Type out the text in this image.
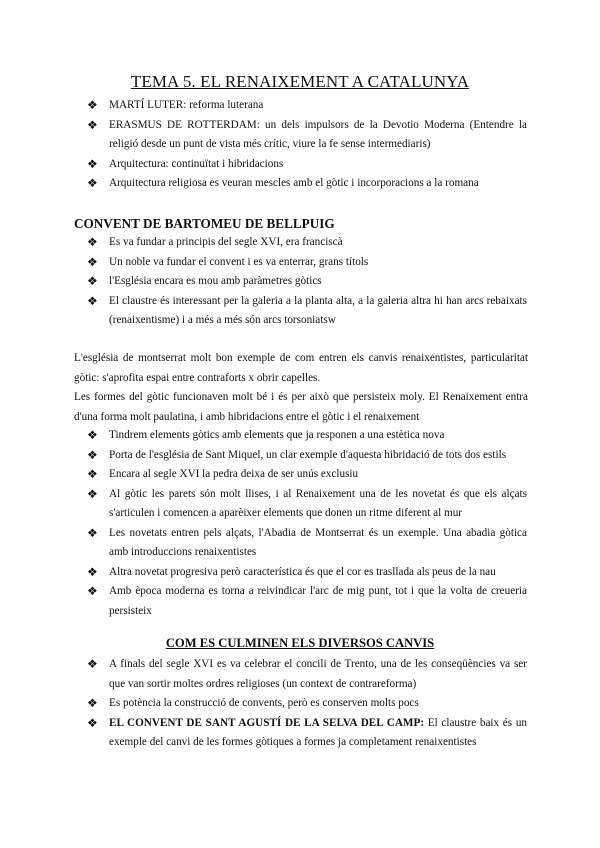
TEMA 5. EL RENAIXEMENT A CATALUNYA
❖ MARTÍ LUTER: reforma luterana
❖ ERASMUS DE ROTTERDAM: un dels impulsors de la Devotio Moderna (Entendre la religió desde un punt de vista més crític, viure la fe sense intermediaris)
❖ Arquitectura: continuïtat i hibridacions
❖ Arquitectura religiosa es veuran mescles amb el gòtic i incorporacions a la romana
CONVENT DE BARTOMEU DE BELLPUIG
❖ Es va fundar a principis del segle XVI, era franciscà
❖ Un noble va fundar el convent i es va enterrar, grans títols
❖ l'Església encara es mou amb paràmetres gòtics
❖ El claustre és interessant per la galeria a la planta alta, a la galeria altra hi han arcs rebaixats (renaixentisme) i a més a més són arcs torsoniatsw

L'església de montserrat molt bon exemple de com entren els canvis renaixentistes, particularitat gòtic: s'aprofita espai entre contraforts x obrir capelles.

Les formes del gòtic funcionaven molt bé i és per això que persisteix moly. El Renaixement entra d'una forma molt paulatina, i amb hibridacions entre el gòtic i el renaixement

❖ Tindrem elements gòtics amb elements que ja responen a una estètica nova
❖ Porta de l'església de Sant Miquel, un clar exemple d'aquesta hibridació de tots dos estils
❖ Encara al segle XVI la pedra deixa de ser unús exclusiu
❖ Al gòtic les parets són molt llises, i al Renaixement una de les novetat és que els alçats s'articulen i comencen a aparèixer elements que donen un ritme diferent al mur
❖ Les novetats entren pels alçats, l'Abadia de Montserrat és un exemple. Una abadia gòtica amb introduccions renaixentistes
❖ Altra novetat progresiva però característica és que el cor es trasllada als peus de la nau
❖ Amb època moderna es torna a reivindicar l'arc de mig punt, tot i que la volta de creueria persisteix
COM ES CULMINEN ELS DIVERSOS CANVIS
❖ A finals del segle XVI es va celebrar el concili de Trento, una de les conseqüències va ser que van sortir moltes ordres religioses (un context de contrareforma)
❖ Es potència la construcció de convents, però es conserven molts pocs
❖ EL CONVENT DE SANT AGUSTÍ DE LA SELVA DEL CAMP: El claustre baix és un exemple del canvi de les formes gòtiques a formes ja completament renaixentistes
